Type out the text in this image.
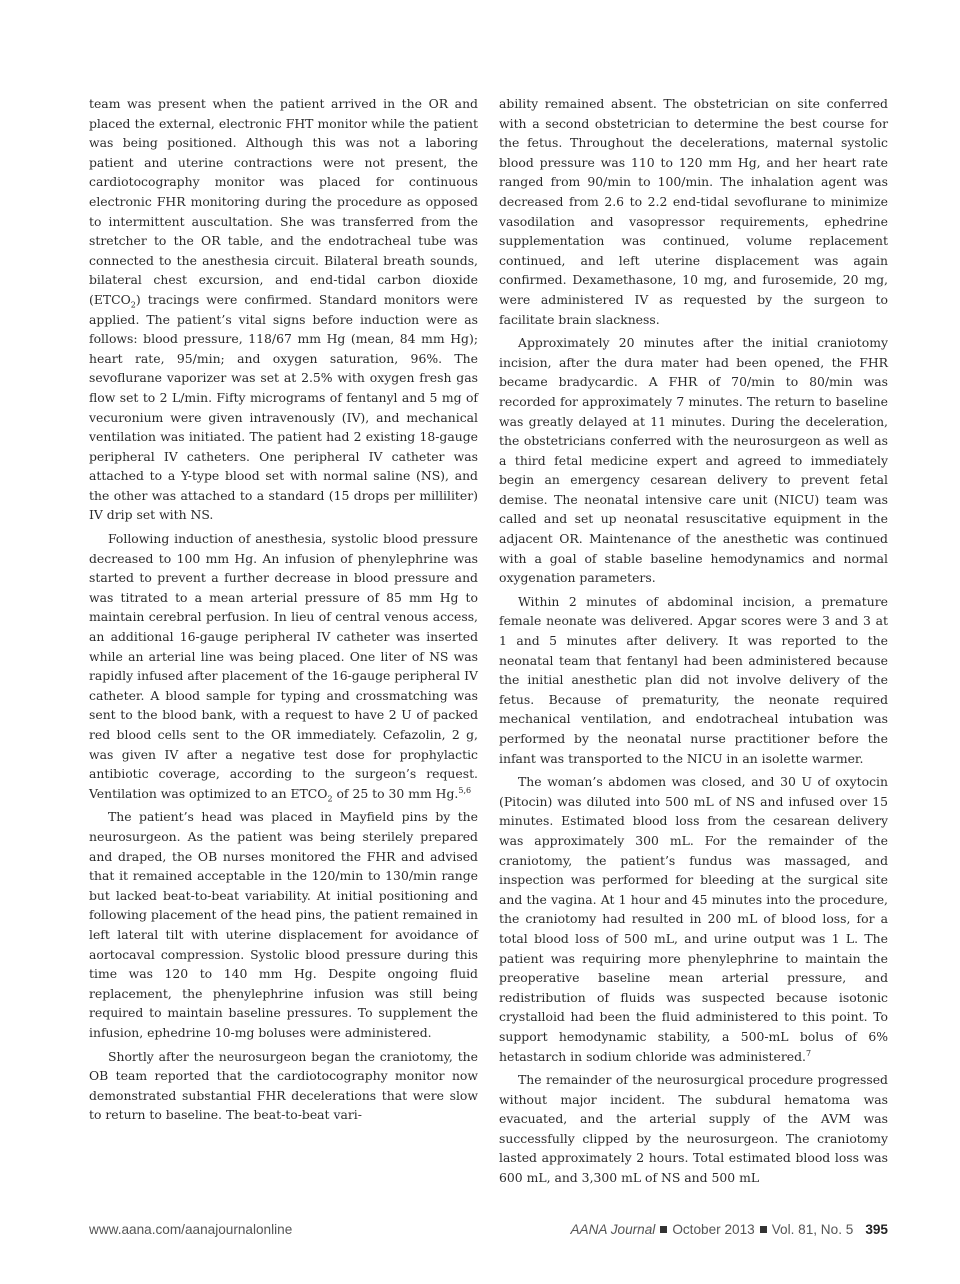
team was present when the patient arrived in the OR and placed the external, electronic FHT monitor while the patient was being positioned. Although this was not a laboring patient and uterine contractions were not present, the cardiotocography monitor was placed for continuous electronic FHR monitoring during the procedure as opposed to intermittent auscultation. She was transferred from the stretcher to the OR table, and the endotracheal tube was connected to the anesthesia circuit. Bilateral breath sounds, bilateral chest excursion, and end-tidal carbon dioxide $(ETCO_2)$ tracings were confirmed. Standard monitors were applied. The patient’s vital signs before induction were as follows: blood pressure, 118/67 mm Hg (mean, 84 mm Hg); heart rate, 95/min; and oxygen saturation, 96%. The sevoflurane vaporizer was set at 2.5% with oxygen fresh gas flow set to 2 L/min. Fifty micrograms of fentanyl and 5 mg of vecuronium were given intravenously (IV), and mechanical ventilation was initiated. The patient had 2 existing 18-gauge peripheral IV catheters. One peripheral IV catheter was attached to a Y-type blood set with normal saline (NS), and the other was attached to a standard (15 drops per milliliter) IV drip set with NS.

Following induction of anesthesia, systolic blood pressure decreased to 100 mm Hg. An infusion of phenylephrine was started to prevent a further decrease in blood pressure and was titrated to a mean arterial pressure of 85 mm Hg to maintain cerebral perfusion. In lieu of central venous access, an additional 16-gauge peripheral IV catheter was inserted while an arterial line was being placed. One liter of NS was rapidly infused after placement of the 16-gauge peripheral IV catheter. A blood sample for typing and crossmatching was sent to the blood bank, with a request to have 2 U of packed red blood cells sent to the OR immediately. Cefazolin, 2 g, was given IV after a negative test dose for prophylactic antibiotic coverage, according to the surgeon’s request. Ventilation was optimized to an $ETCO_2$ of 25 to 30 mm Hg.$^{5,6}$

The patient’s head was placed in Mayfield pins by the neurosurgeon. As the patient was being sterilely prepared and draped, the OB nurses monitored the FHR and advised that it remained acceptable in the 120/min to 130/min range but lacked beat-to-beat variability. At initial positioning and following placement of the head pins, the patient remained in left lateral tilt with uterine displacement for avoidance of aortocaval compression. Systolic blood pressure during this time was 120 to 140 mm Hg. Despite ongoing fluid replacement, the phenylephrine infusion was still being required to maintain baseline pressures. To supplement the infusion, ephedrine 10-mg boluses were administered.

Shortly after the neurosurgeon began the craniotomy, the OB team reported that the cardiotocography monitor now demonstrated substantial FHR decelerations that were slow to return to baseline. The beat-to-beat vari-

ability remained absent. The obstetrician on site conferred with a second obstetrician to determine the best course for the fetus. Throughout the decelerations, maternal systolic blood pressure was 110 to 120 mm Hg, and her heart rate ranged from 90/min to 100/min. The inhalation agent was decreased from 2.6 to 2.2 end-tidal sevoflurane to minimize vasodilation and vasopressor requirements, ephedrine supplementation was continued, volume replacement continued, and left uterine displacement was again confirmed. Dexamethasone, 10 mg, and furosemide, 20 mg, were administered IV as requested by the surgeon to facilitate brain slackness.

Approximately 20 minutes after the initial craniotomy incision, after the dura mater had been opened, the FHR became bradycardic. A FHR of 70/min to 80/min was recorded for approximately 7 minutes. The return to baseline was greatly delayed at 11 minutes. During the deceleration, the obstetricians conferred with the neurosurgeon as well as a third fetal medicine expert and agreed to immediately begin an emergency cesarean delivery to prevent fetal demise. The neonatal intensive care unit (NICU) team was called and set up neonatal resuscitative equipment in the adjacent OR. Maintenance of the anesthetic was continued with a goal of stable baseline hemodynamics and normal oxygenation parameters.

Within 2 minutes of abdominal incision, a premature female neonate was delivered. Apgar scores were 3 and 3 at 1 and 5 minutes after delivery. It was reported to the neonatal team that fentanyl had been administered because the initial anesthetic plan did not involve delivery of the fetus. Because of prematurity, the neonate required mechanical ventilation, and endotracheal intubation was performed by the neonatal nurse practitioner before the infant was transported to the NICU in an isolette warmer.

The woman’s abdomen was closed, and 30 U of oxytocin (Pitocin) was diluted into 500 mL of NS and infused over 15 minutes. Estimated blood loss from the cesarean delivery was approximately 300 mL. For the remainder of the craniotomy, the patient’s fundus was massaged, and inspection was performed for bleeding at the surgical site and the vagina. At 1 hour and 45 minutes into the procedure, the craniotomy had resulted in 200 mL of blood loss, for a total blood loss of 500 mL, and urine output was 1 L. The patient was requiring more phenylephrine to maintain the preoperative baseline mean arterial pressure, and redistribution of fluids was suspected because isotonic crystalloid had been the fluid administered to this point. To support hemodynamic stability, a 500-mL bolus of 6% hetastarch in sodium chloride was administered.$^7$

The remainder of the neurosurgical procedure progressed without major incident. The subdural hematoma was evacuated, and the arterial supply of the AVM was successfully clipped by the neurosurgeon. The craniotomy lasted approximately 2 hours. Total estimated blood loss was 600 mL, and 3,300 mL of NS and 500 mL

www.aana.com/aanajournalonline	AANA Journal October 2013 Vol. 81, No. 5 395
